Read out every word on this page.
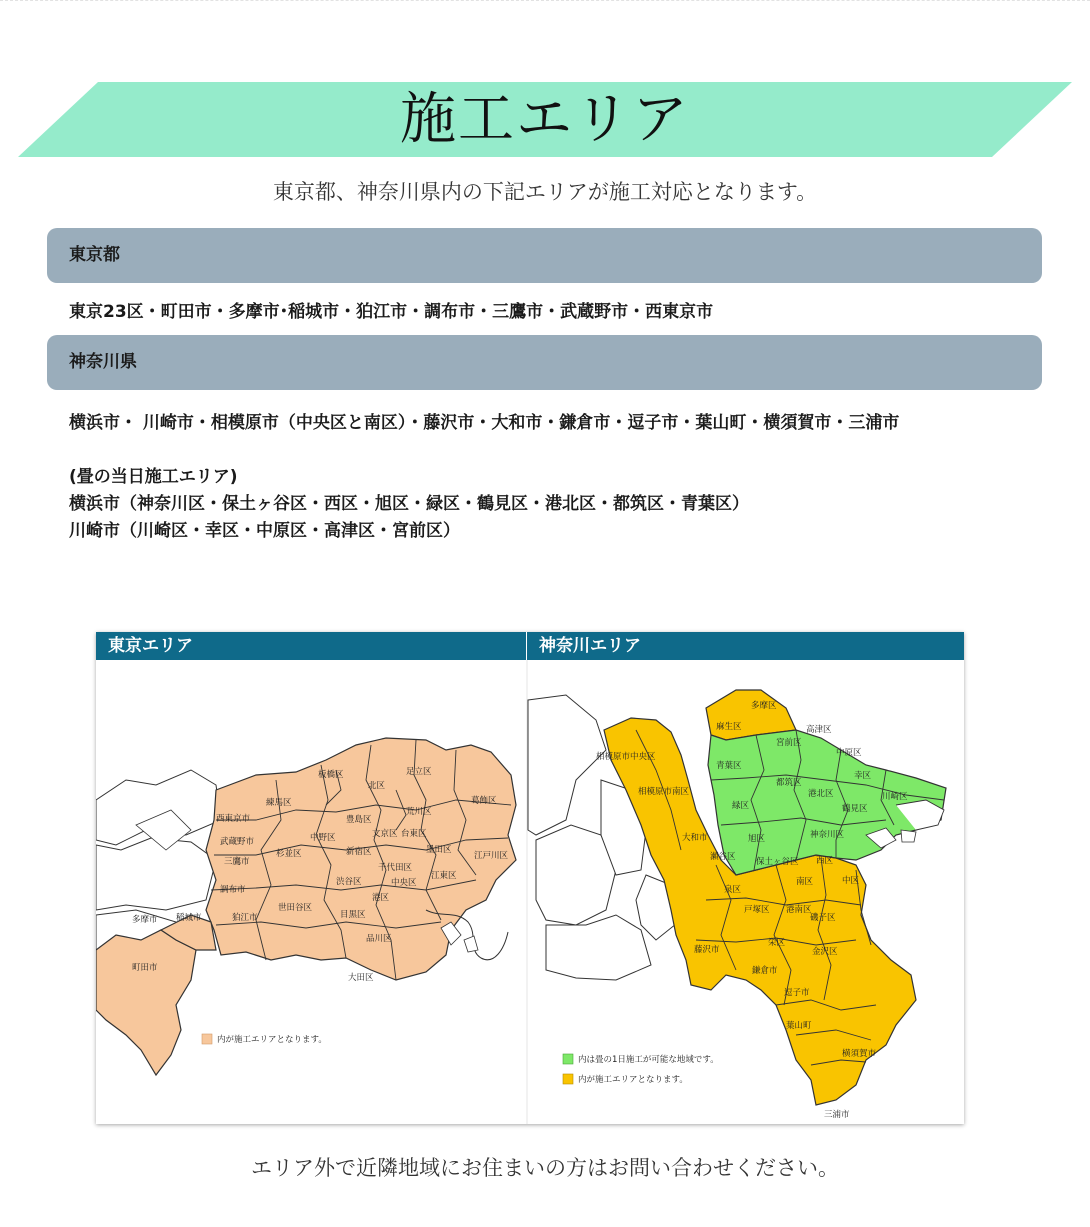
施工エリア
東京都、神奈川県内の下記エリアが施工対応となります。
東京都
東京23区・町田市・多摩市･稲城市・狛江市・調布市・三鷹市・武蔵野市・西東京市
神奈川県
横浜市・ 川崎市・相模原市（中央区と南区）・藤沢市・大和市・鎌倉市・逗子市・葉山町・横須賀市・三浦市
(畳の当日施工エリア)
横浜市（神奈川区・保土ヶ谷区・西区・旭区・緑区・鶴見区・港北区・都筑区・青葉区）
川崎市（川崎区・幸区・中原区・高津区・宮前区）
東京エリア	神奈川エリア
板橋区	足立区
北区
練馬区
荒川区
葛飾区
西東京市	豊島区
文京区 台東区
武蔵野市	中野区
杉並区	新宿区	墨田区
三鷹市
千代田区
江戸川区
渋谷区	中央区
江東区
調布市
港区
世田谷区
目黒区
狛江市
多摩市 稲城市
品川区
町田市
大田区
内が施工エリアとなります。
多摩区
麻生区	高津区
宮前区
相模原市中央区	中原区
青葉区
幸区
都筑区
相模原市南区
緑区
港北区	川崎区
鶴見区
大和市	旭区	神奈川区
瀬谷区 保土ヶ谷区 西区
南区	中区
泉区
戸塚区 港南区
磯子区
栄区
藤沢市	金沢区
鎌倉市
逗子市
葉山町
横須賀市
三浦市
内は畳の1日施工が可能な地域です。
内が施工エリアとなります。
エリア外で近隣地域にお住まいの方はお問い合わせください。
